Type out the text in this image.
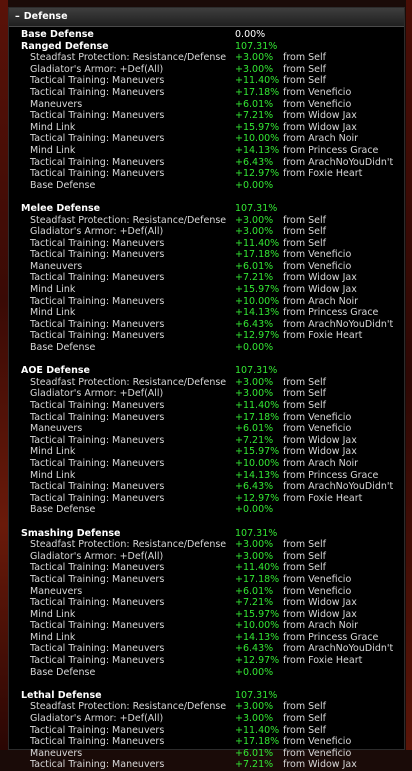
– Defense
Base Defense	0.00%
Ranged Defense	107.31%
Steadfast Protection: Resistance/Defense +3.00%	from Self
Gladiator's Armor: +Def(All)	+3.00%	from Self
Tactical Training: Maneuvers	+11.40% from Self
Tactical Training: Maneuvers	+17.18% from Veneficio
Maneuvers	+6.01%	from Veneficio
Tactical Training: Maneuvers	+7.21%	from Widow Jax
Mind Link	+15.97% from Widow Jax
Tactical Training: Maneuvers	+10.00% from Arach Noir
Mind Link	+14.13% from Princess Grace
Tactical Training: Maneuvers	+6.43%	from ArachNoYouDidn't
Tactical Training: Maneuvers	+12.97% from Foxie Heart
Base Defense	+0.00%
Melee Defense	107.31%
Steadfast Protection: Resistance/Defense +3.00%	from Self
Gladiator's Armor: +Def(All)	+3.00%	from Self
Tactical Training: Maneuvers	+11.40% from Self
Tactical Training: Maneuvers	+17.18% from Veneficio
Maneuvers	+6.01%	from Veneficio
Tactical Training: Maneuvers	+7.21%	from Widow Jax
Mind Link	+15.97% from Widow Jax
Tactical Training: Maneuvers	+10.00% from Arach Noir
Mind Link	+14.13% from Princess Grace
Tactical Training: Maneuvers	+6.43%	from ArachNoYouDidn't
Tactical Training: Maneuvers	+12.97% from Foxie Heart
Base Defense	+0.00%
AOE Defense	107.31%
Steadfast Protection: Resistance/Defense +3.00%	from Self
Gladiator's Armor: +Def(All)	+3.00%	from Self
Tactical Training: Maneuvers	+11.40% from Self
Tactical Training: Maneuvers	+17.18% from Veneficio
Maneuvers	+6.01%	from Veneficio
Tactical Training: Maneuvers	+7.21%	from Widow Jax
Mind Link	+15.97% from Widow Jax
Tactical Training: Maneuvers	+10.00% from Arach Noir
Mind Link	+14.13% from Princess Grace
Tactical Training: Maneuvers	+6.43%	from ArachNoYouDidn't
Tactical Training: Maneuvers	+12.97% from Foxie Heart
Base Defense	+0.00%
Smashing Defense	107.31%
Steadfast Protection: Resistance/Defense +3.00%	from Self
Gladiator's Armor: +Def(All)	+3.00%	from Self
Tactical Training: Maneuvers	+11.40% from Self
Tactical Training: Maneuvers	+17.18% from Veneficio
Maneuvers	+6.01%	from Veneficio
Tactical Training: Maneuvers	+7.21%	from Widow Jax
Mind Link	+15.97% from Widow Jax
Tactical Training: Maneuvers	+10.00% from Arach Noir
Mind Link	+14.13% from Princess Grace
Tactical Training: Maneuvers	+6.43%	from ArachNoYouDidn't
Tactical Training: Maneuvers	+12.97% from Foxie Heart
Base Defense	+0.00%
Lethal Defense	107.31%
Steadfast Protection: Resistance/Defense +3.00%	from Self
Gladiator's Armor: +Def(All)	+3.00%	from Self
Tactical Training: Maneuvers	+11.40% from Self
Tactical Training: Maneuvers	+17.18% from Veneficio
Maneuvers	+6.01%	from Veneficio
Tactical Training: Maneuvers	+7.21%	from Widow Jax
